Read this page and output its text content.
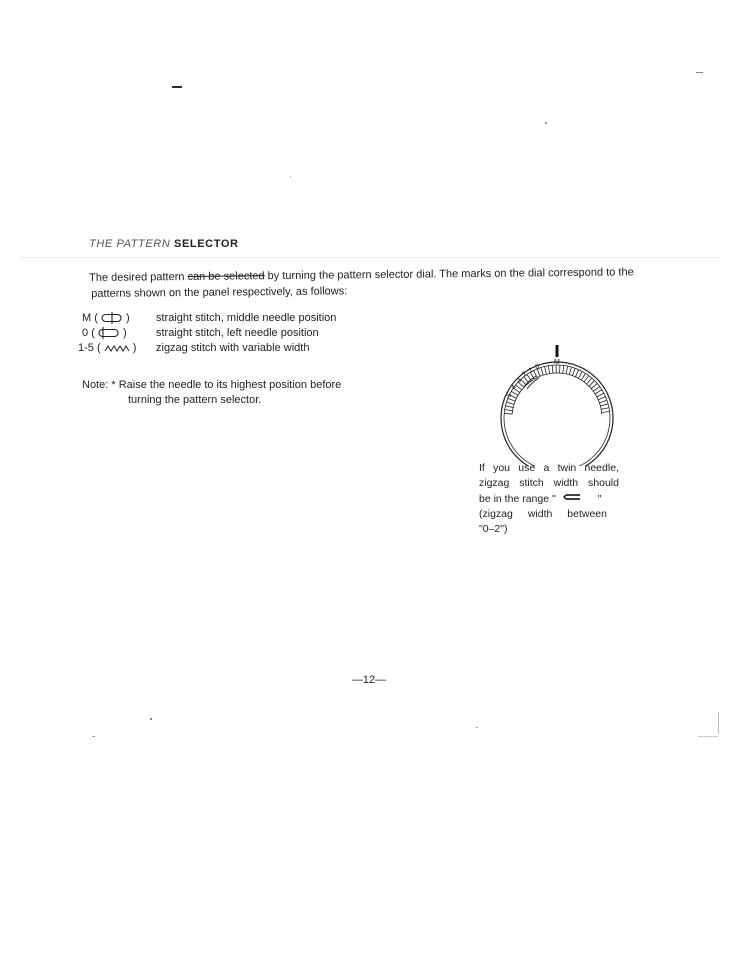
THE PATTERN SELECTOR
The desired pattern can be selected by turning the pattern selector dial. The marks on the dial correspond to the
patterns shown on the panel respectively, as follows:
M (	)	straight stitch, middle needle position
0 (	)	straight stitch, left needle position
1-5 (	)	zigzag stitch with variable width
Note: * Raise the needle to its highest position before
turning the pattern selector.	5
4
3
2 1 0
M
If you use a twin needle,
zigzag stitch width should
be in the range "	"
(zigzag width between
"0–2")
—12—
